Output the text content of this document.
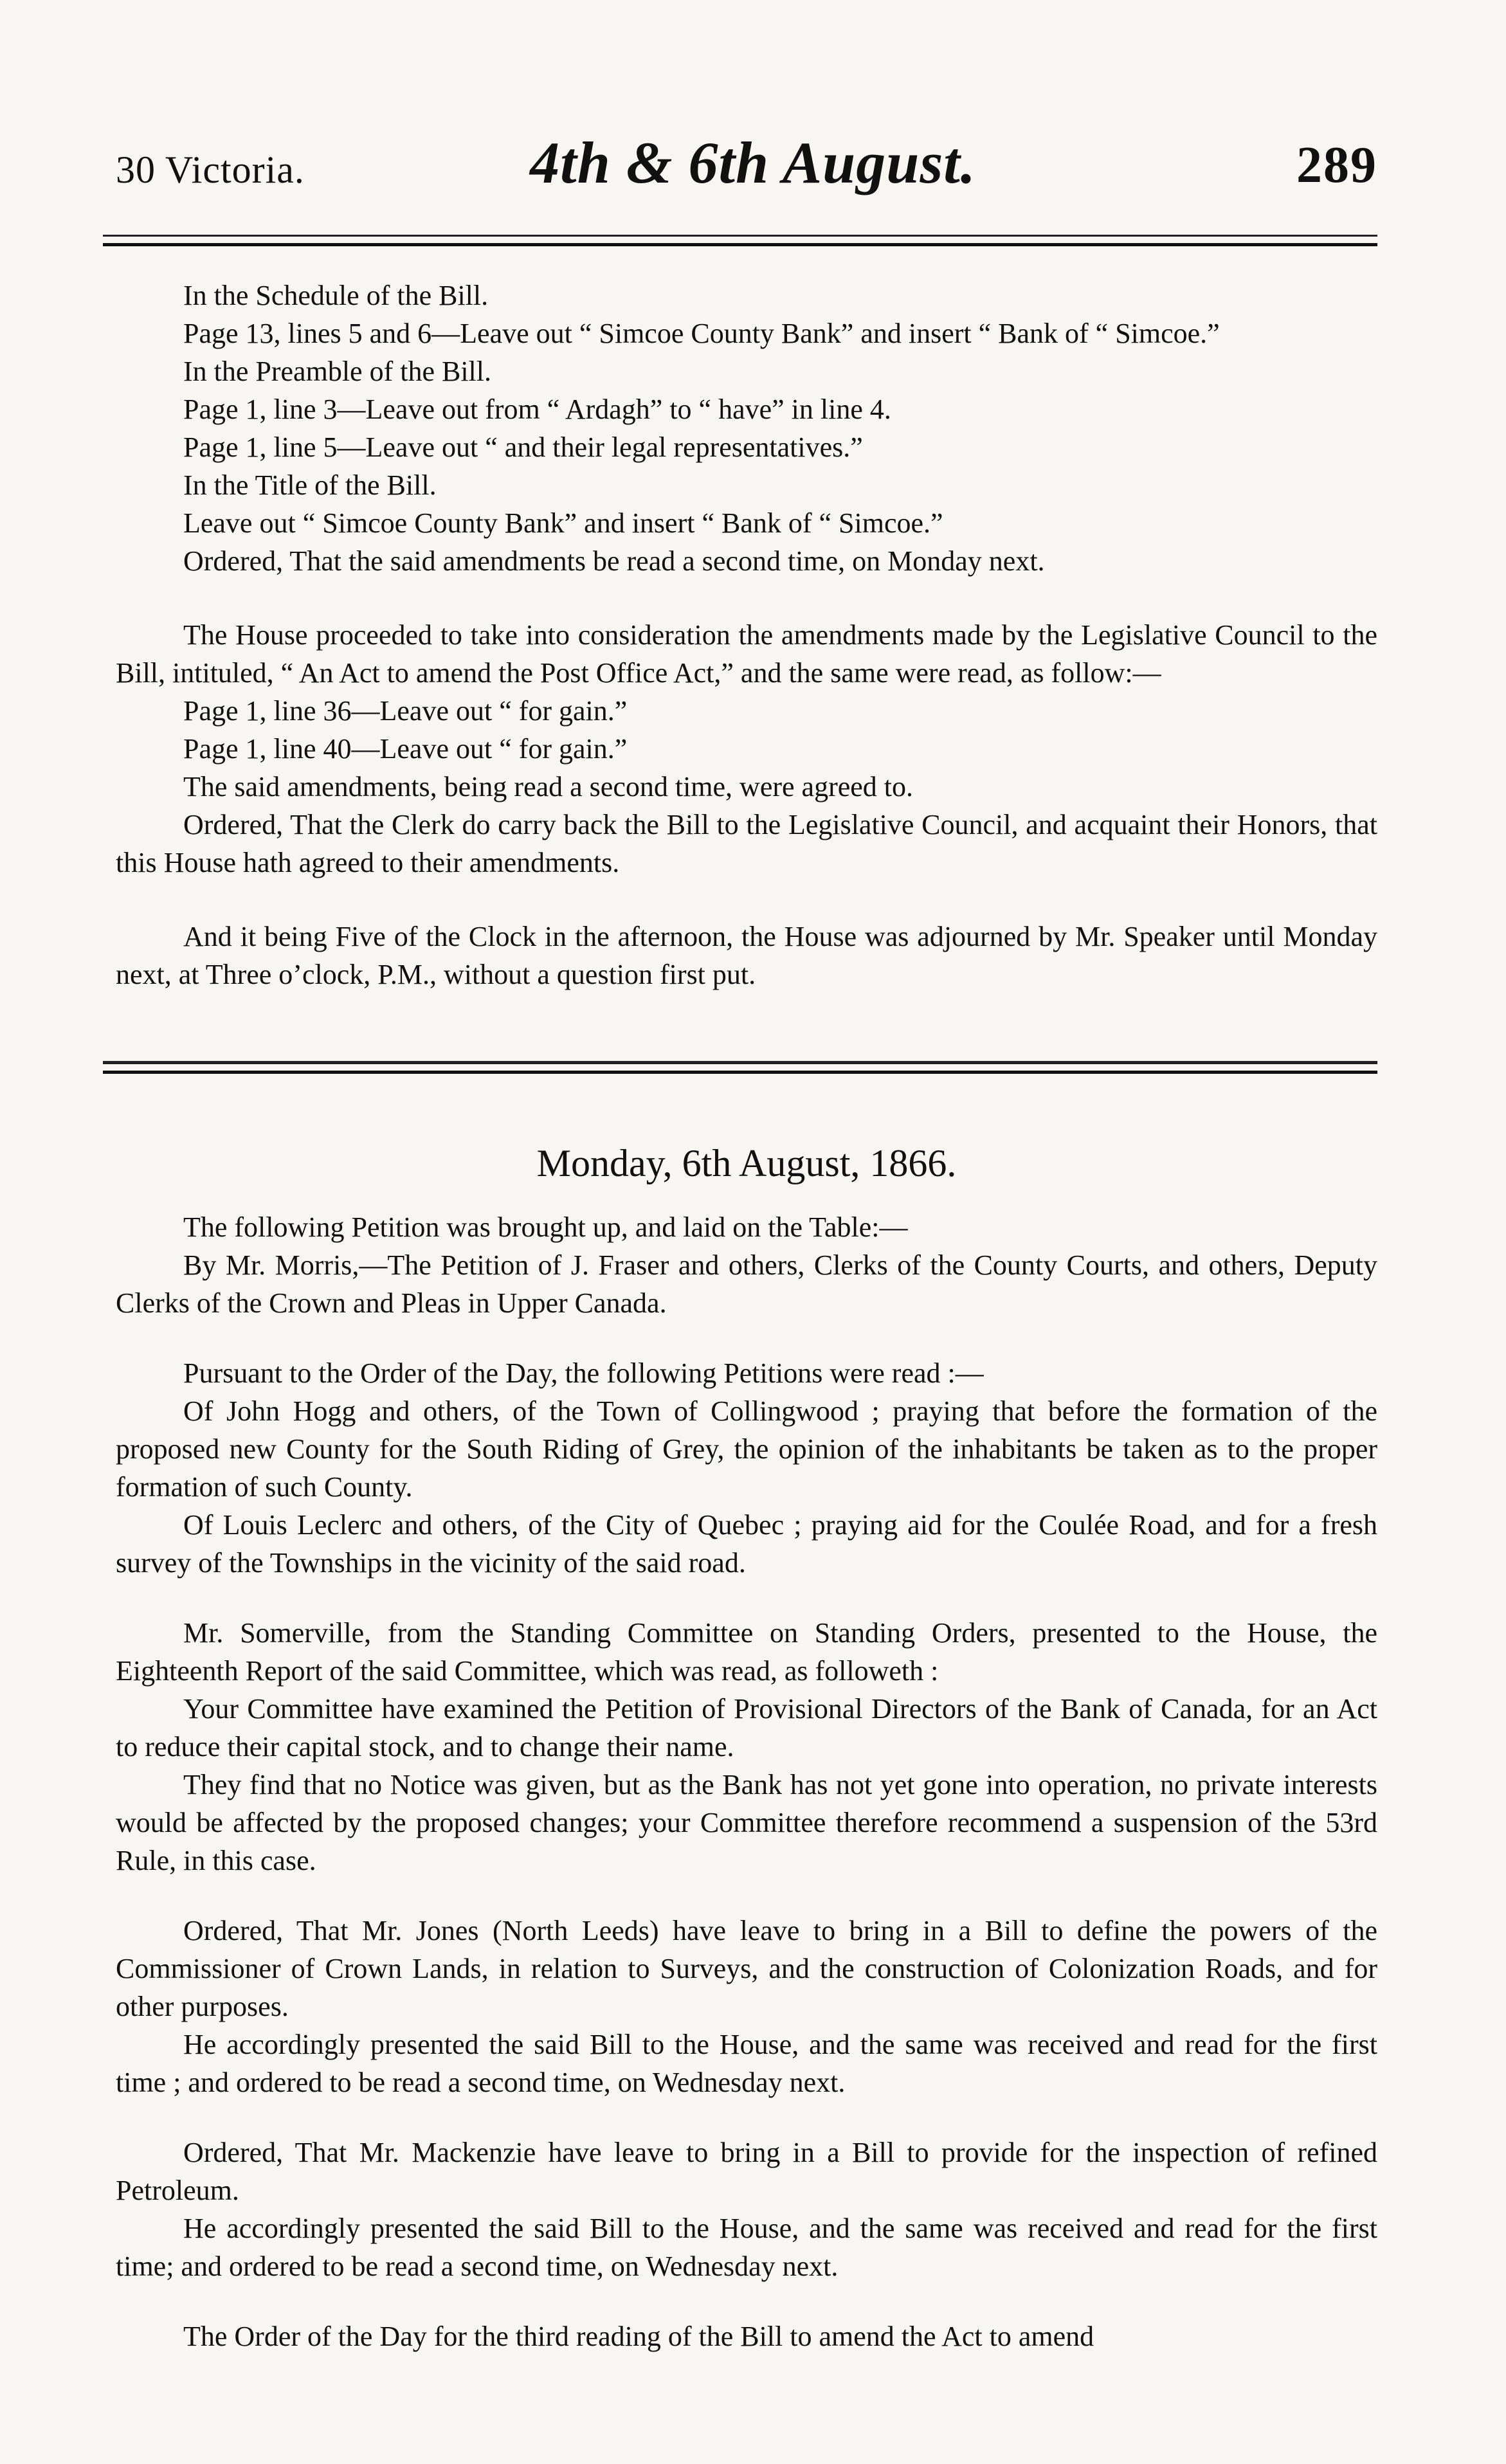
30 Victoria.	4th & 6th August.	289

In the Schedule of the Bill.

Page 13, lines 5 and 6—Leave out “ Simcoe County Bank” and insert “ Bank of “ Simcoe.”

In the Preamble of the Bill.

Page 1, line 3—Leave out from “ Ardagh” to “ have” in line 4.

Page 1, line 5—Leave out “ and their legal representatives.”

In the Title of the Bill.

Leave out “ Simcoe County Bank” and insert “ Bank of “ Simcoe.”

Ordered, That the said amendments be read a second time, on Monday next.

The House proceeded to take into consideration the amendments made by the Legislative Council to the Bill, intituled, “ An Act to amend the Post Office Act,” and the same were read, as follow:—

Page 1, line 36—Leave out “ for gain.”

Page 1, line 40—Leave out “ for gain.”

The said amendments, being read a second time, were agreed to.

Ordered, That the Clerk do carry back the Bill to the Legislative Council, and acquaint their Honors, that this House hath agreed to their amendments.

And it being Five of the Clock in the afternoon, the House was adjourned by Mr. Speaker until Monday next, at Three o’clock, P.M., without a question first put.

Monday, 6th August, 1866.

The following Petition was brought up, and laid on the Table:—

By Mr. Morris,—The Petition of J. Fraser and others, Clerks of the County Courts, and others, Deputy Clerks of the Crown and Pleas in Upper Canada.

Pursuant to the Order of the Day, the following Petitions were read :—

Of John Hogg and others, of the Town of Collingwood ; praying that before the formation of the proposed new County for the South Riding of Grey, the opinion of the inhabitants be taken as to the proper formation of such County.

Of Louis Leclerc and others, of the City of Quebec ; praying aid for the Coulée Road, and for a fresh survey of the Townships in the vicinity of the said road.

Mr. Somerville, from the Standing Committee on Standing Orders, presented to the House, the Eighteenth Report of the said Committee, which was read, as followeth :

Your Committee have examined the Petition of Provisional Directors of the Bank of Canada, for an Act to reduce their capital stock, and to change their name.

They find that no Notice was given, but as the Bank has not yet gone into operation, no private interests would be affected by the proposed changes; your Committee therefore recommend a suspension of the 53rd Rule, in this case.

Ordered, That Mr. Jones (North Leeds) have leave to bring in a Bill to define the powers of the Commissioner of Crown Lands, in relation to Surveys, and the construction of Colonization Roads, and for other purposes.

He accordingly presented the said Bill to the House, and the same was received and read for the first time ; and ordered to be read a second time, on Wednesday next.

Ordered, That Mr. Mackenzie have leave to bring in a Bill to provide for the inspection of refined Petroleum.

He accordingly presented the said Bill to the House, and the same was received and read for the first time; and ordered to be read a second time, on Wednesday next.

The Order of the Day for the third reading of the Bill to amend the Act to amend
